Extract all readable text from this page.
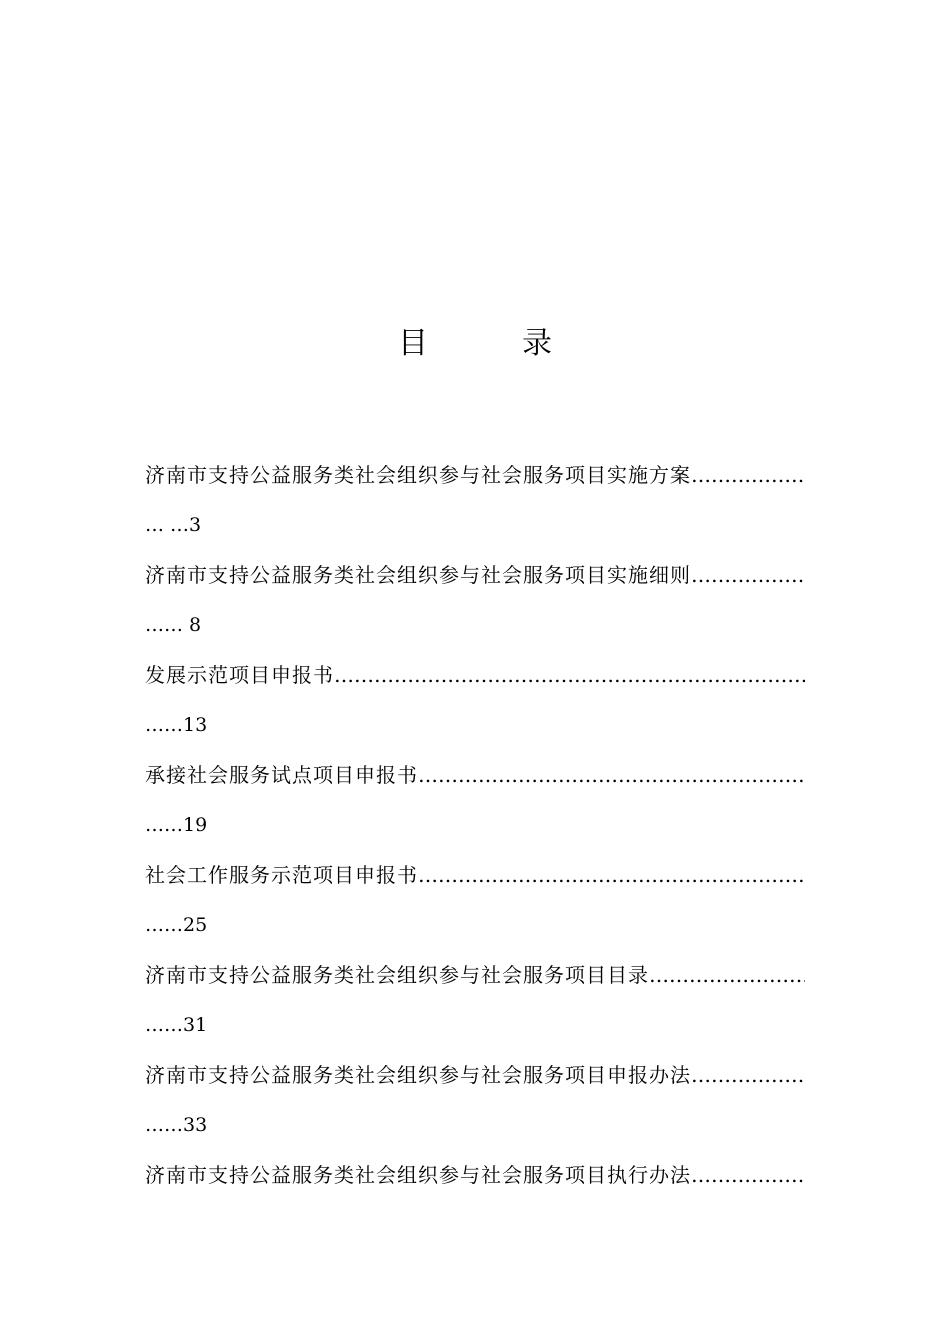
目　录
济南市支持公益服务类社会组织参与社会服务项目实施方案
……………………………………………………………………………………………………………………
… …3
济南市支持公益服务类社会组织参与社会服务项目实施细则
……………………………………………………………………………………………………………………
…… 8
发展示范项目申报书
……………………………………………………………………………………………………………………
……13
承接社会服务试点项目申报书
……………………………………………………………………………………………………………………
……19
社会工作服务示范项目申报书
……………………………………………………………………………………………………………………
……25
济南市支持公益服务类社会组织参与社会服务项目目录
……………………………………………………………………………………………………………………
……31
济南市支持公益服务类社会组织参与社会服务项目申报办法
……………………………………………………………………………………………………………………
……33
济南市支持公益服务类社会组织参与社会服务项目执行办法
……………………………………………………………………………………………………………………
